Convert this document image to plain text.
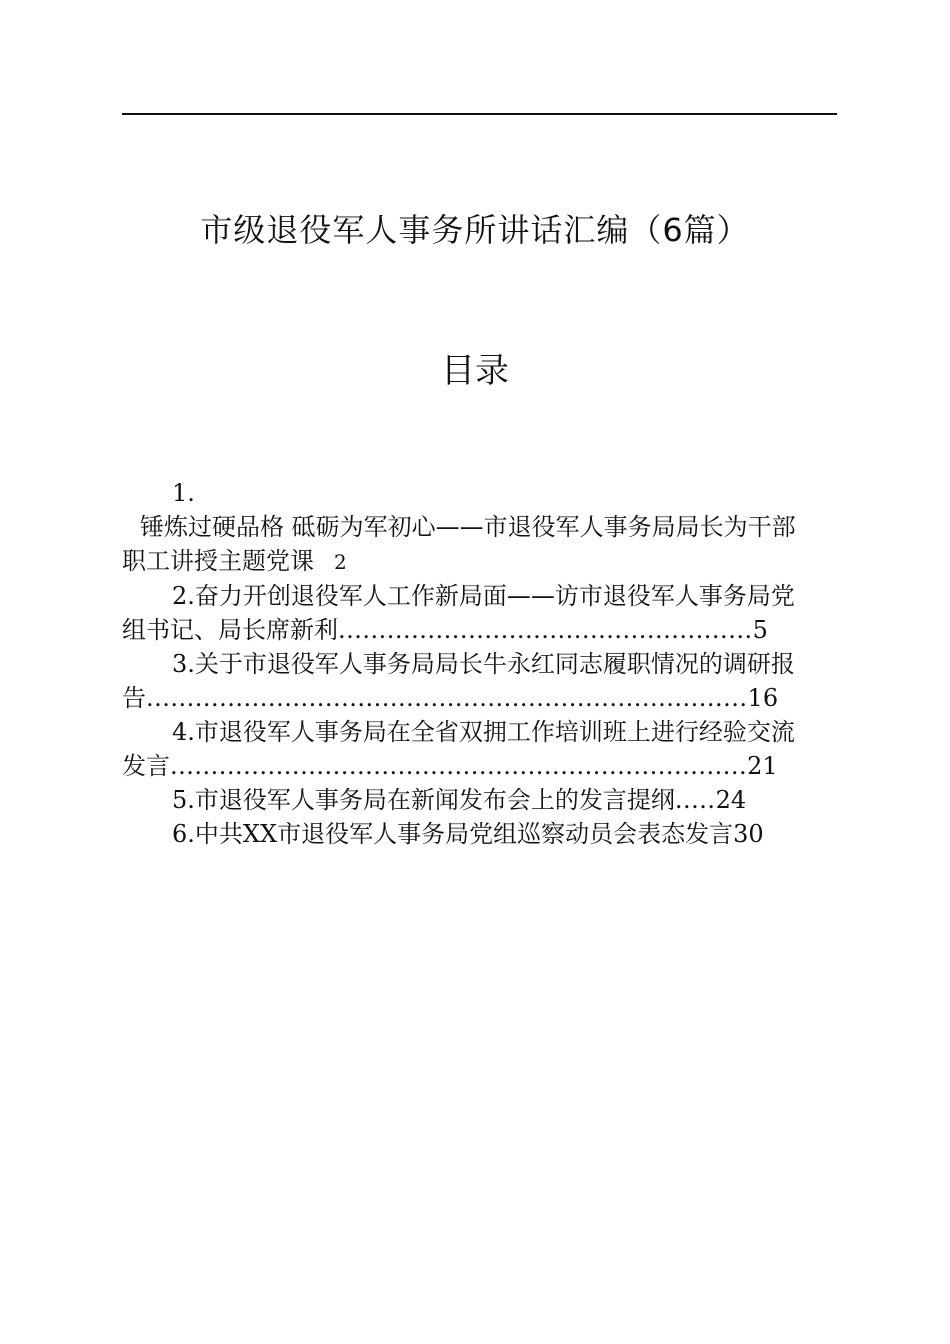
市级退役军人事务所讲话汇编（6篇）
目录
1.
锤炼过硬品格 砥砺为军初心——市退役军人事务局局长为干部
职工讲授主题党课 2
2.奋力开创退役军人工作新局面——访市退役军人事务局党
组书记、局长席新利...................................................5
3.关于市退役军人事务局局长牛永红同志履职情况的调研报
告..........................................................................16
4.市退役军人事务局在全省双拥工作培训班上进行经验交流
发言.......................................................................21
5.市退役军人事务局在新闻发布会上的发言提纲.....24
6.中共XX市退役军人事务局党组巡察动员会表态发言30
